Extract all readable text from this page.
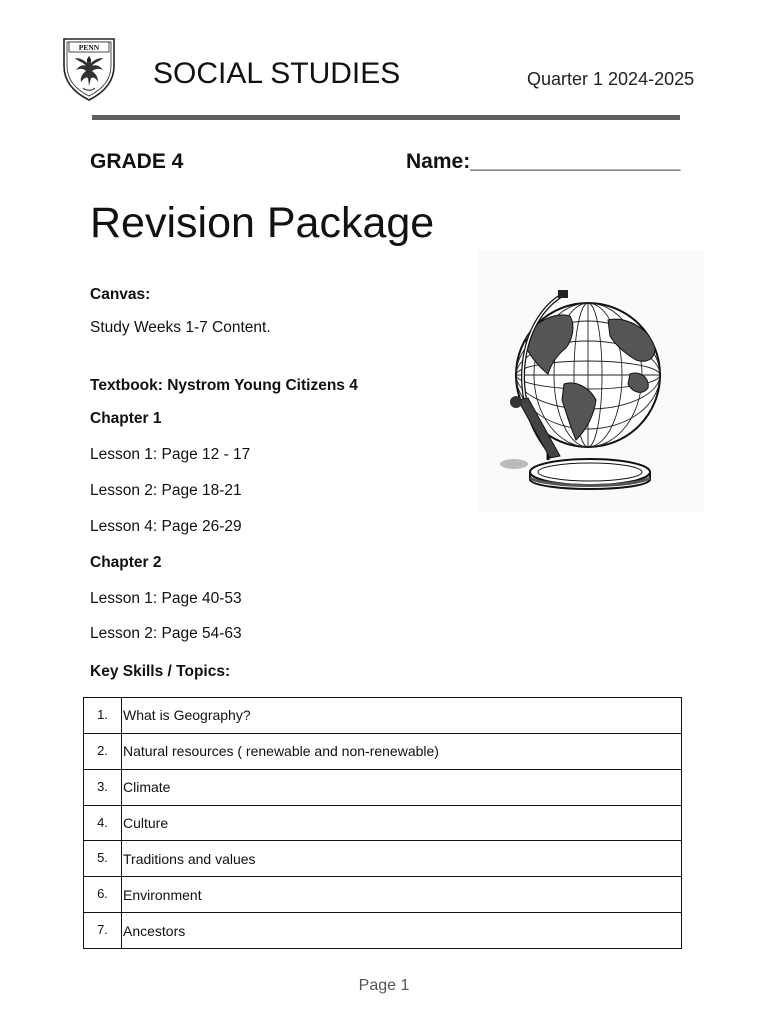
PENN
SOCIAL STUDIES	Quarter 1 2024-2025
GRADE 4	Name:__________________
Revision Package
Canvas:
Study Weeks 1-7 Content.
Textbook: Nystrom Young Citizens 4
Chapter 1
Lesson 1: Page 12 - 17
Lesson 2: Page 18-21
Lesson 4: Page 26-29
Chapter 2
Lesson 1: Page 40-53
Lesson 2: Page 54-63
Key Skills / Topics:
1.	What is Geography?
2.	Natural resources ( renewable and non-renewable)
3.	Climate
4.	Culture
5.	Traditions and values
6.	Environment
7.	Ancestors
Page 1
